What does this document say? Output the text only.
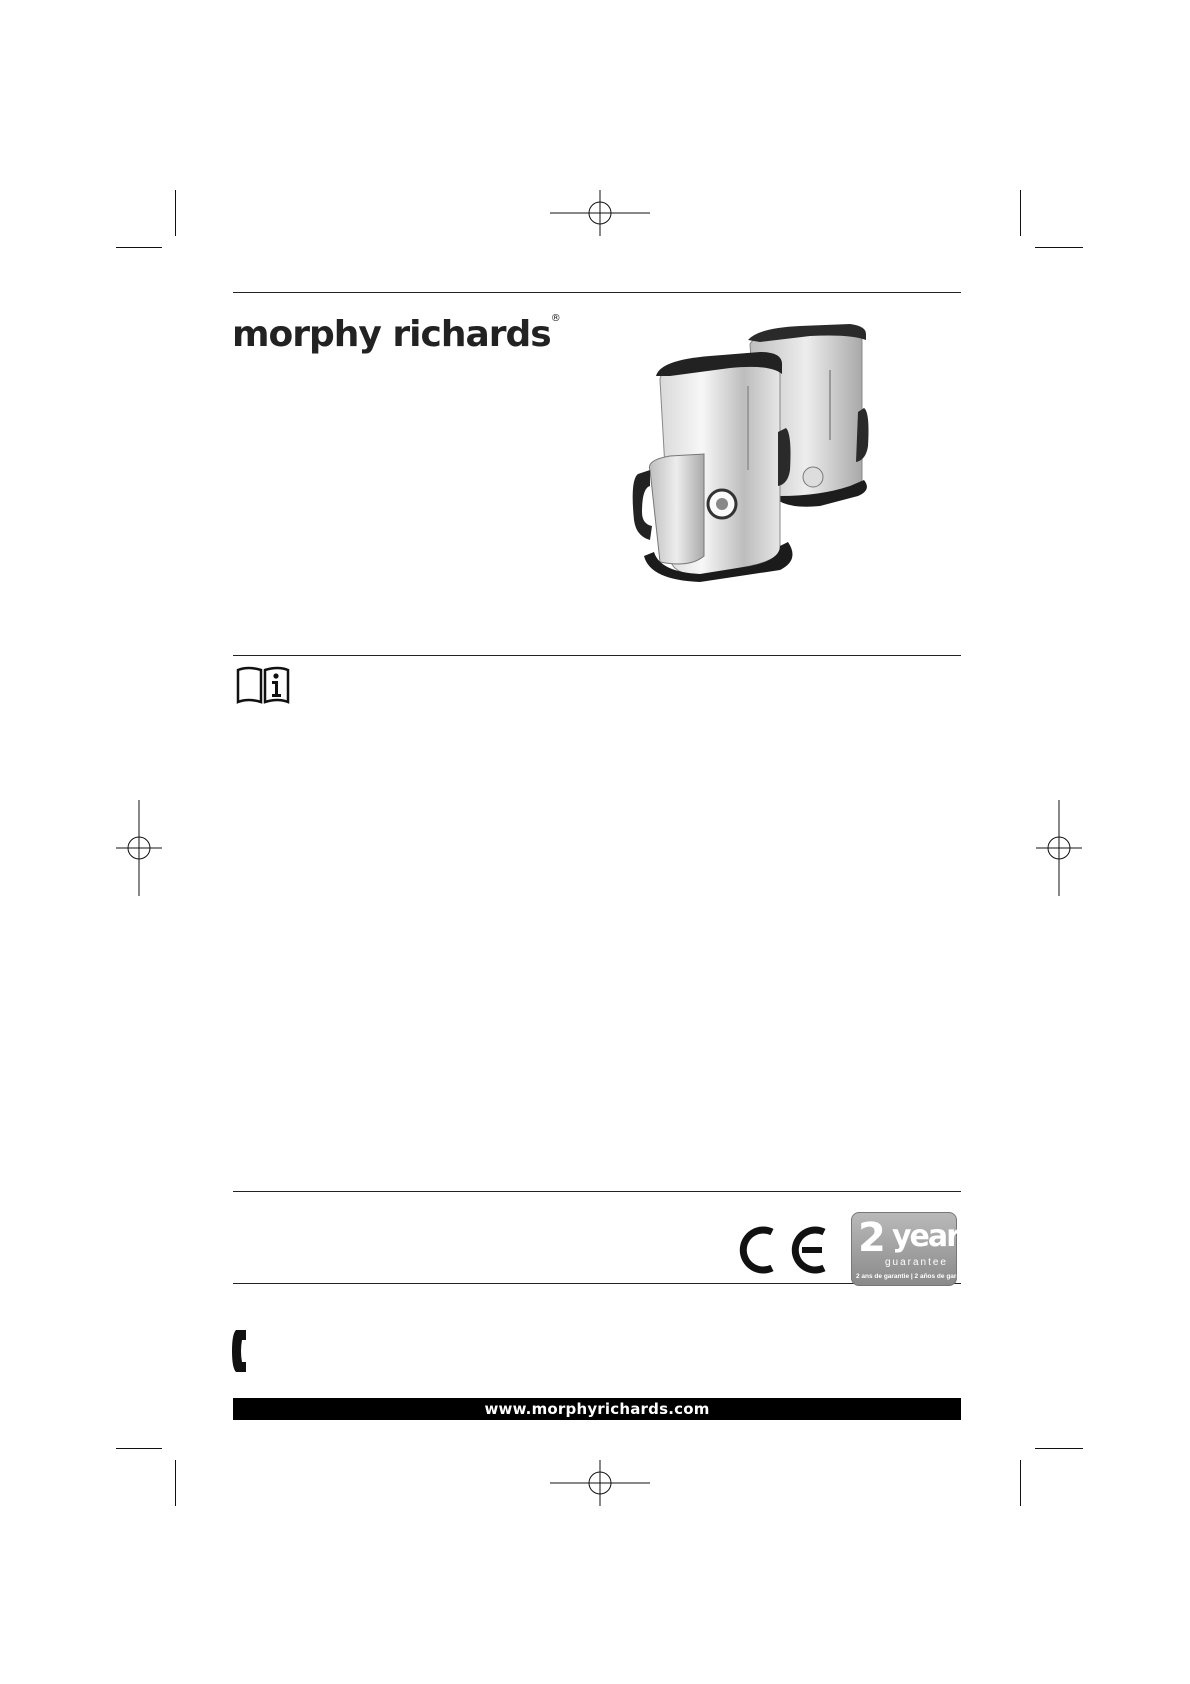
morphy richards®
2 year
guarantee
2 ans de garantie | 2 años de garantía
www.morphyrichards.com
